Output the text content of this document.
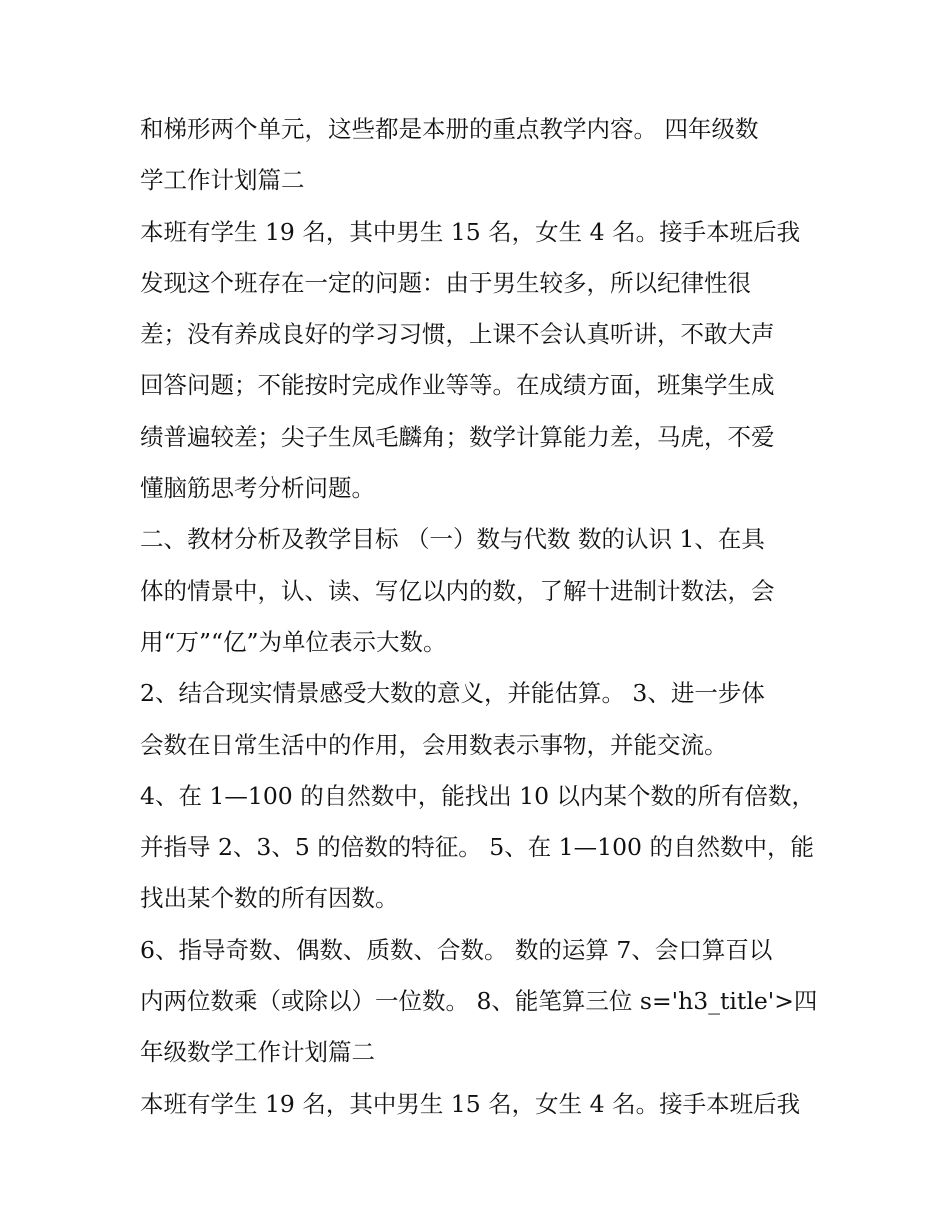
和梯形两个单元，这些都是本册的重点教学内容。 四年级数
学工作计划篇二
本班有学生 19 名，其中男生 15 名，女生 4 名。接手本班后我
发现这个班存在一定的问题：由于男生较多，所以纪律性很
差；没有养成良好的学习习惯，上课不会认真听讲，不敢大声
回答问题；不能按时完成作业等等。在成绩方面，班集学生成
绩普遍较差；尖子生凤毛麟角；数学计算能力差，马虎，不爱
懂脑筋思考分析问题。
二、教材分析及教学目标 （一）数与代数 数的认识 1、在具
体的情景中，认、读、写亿以内的数，了解十进制计数法，会
用“万”“亿”为单位表示大数。
2、结合现实情景感受大数的意义，并能估算。 3、进一步体
会数在日常生活中的作用，会用数表示事物，并能交流。
4、在 1—100 的自然数中，能找出 10 以内某个数的所有倍数，
并指导 2、3、5 的倍数的特征。 5、在 1—100 的自然数中，能
找出某个数的所有因数。
6、指导奇数、偶数、质数、合数。 数的运算 7、会口算百以
内两位数乘（或除以）一位数。 8、能笔算三位 s='h3_title'>四
年级数学工作计划篇二
本班有学生 19 名，其中男生 15 名，女生 4 名。接手本班后我
